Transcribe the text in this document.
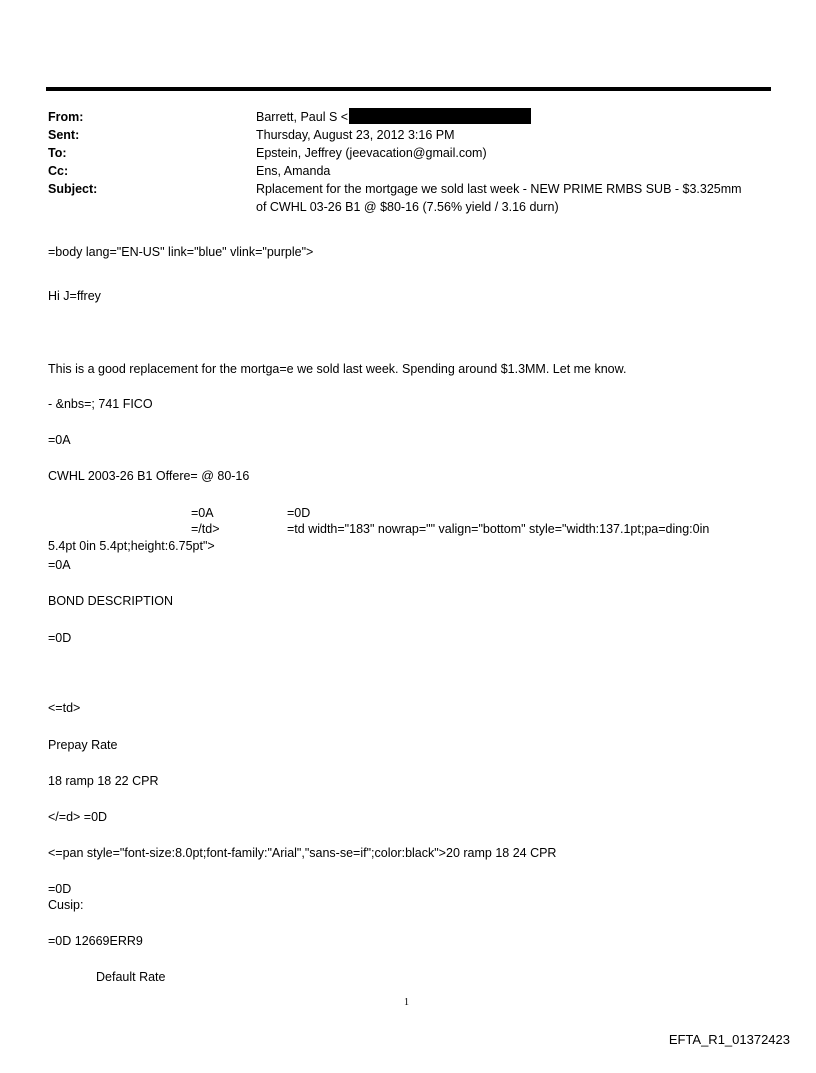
From:	Barrett, Paul S <
Sent:	Thursday, August 23, 2012 3:16 PM
To:	Epstein, Jeffrey (jeevacation@gmail.com)
Cc:	Ens, Amanda
Subject:	Rplacement for the mortgage we sold last week - NEW PRIME RMBS SUB - $3.325mm
of CWHL 03-26 B1 @ $80-16 (7.56% yield / 3.16 durn)
=body lang="EN-US" link="blue" vlink="purple">
Hi J=ffrey
This is a good replacement for the mortga=e we sold last week. Spending around $1.3MM. Let me know.
- &nbs=; 741 FICO
=0A
CWHL 2003-26 B1 Offere= @ 80-16
=0A	=0D
=/td>	=td width="183" nowrap="" valign="bottom" style="width:137.1pt;pa=ding:0in
5.4pt 0in 5.4pt;height:6.75pt">
=0A
BOND DESCRIPTION
=0D
<=td>
Prepay Rate
18 ramp 18 22 CPR
</=d> =0D
<=pan style="font-size:8.0pt;font-family:"Arial","sans-se=if";color:black">20 ramp 18 24 CPR
=0D
Cusip:
=0D 12669ERR9
Default Rate
1
EFTA_R1_01372423
